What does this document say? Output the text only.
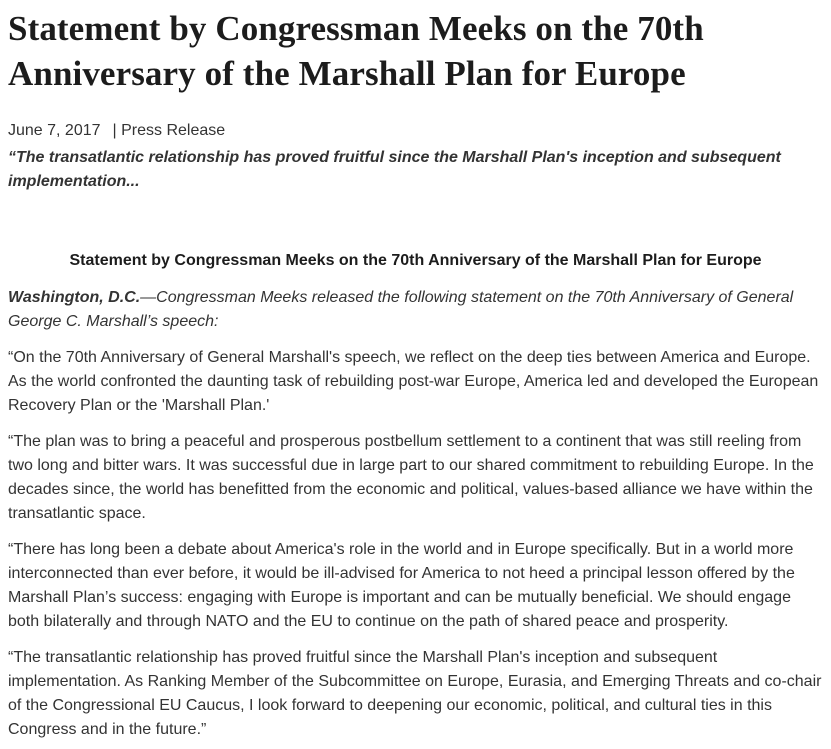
Statement by Congressman Meeks on the 70th Anniversary of the Marshall Plan for Europe
June 7, 2017 | Press Release
“The transatlantic relationship has proved fruitful since the Marshall Plan's inception and subsequent implementation...
Statement by Congressman Meeks on the 70th Anniversary of the Marshall Plan for Europe
Washington, D.C.—Congressman Meeks released the following statement on the 70th Anniversary of General George C. Marshall’s speech:

“On the 70th Anniversary of General Marshall's speech, we reflect on the deep ties between America and Europe. As the world confronted the daunting task of rebuilding post-war Europe, America led and developed the European Recovery Plan or the 'Marshall Plan.'

“The plan was to bring a peaceful and prosperous postbellum settlement to a continent that was still reeling from two long and bitter wars. It was successful due in large part to our shared commitment to rebuilding Europe. In the decades since, the world has benefitted from the economic and political, values-based alliance we have within the transatlantic space.

“There has long been a debate about America's role in the world and in Europe specifically. But in a world more interconnected than ever before, it would be ill-advised for America to not heed a principal lesson offered by the Marshall Plan’s success: engaging with Europe is important and can be mutually beneficial. We should engage both bilaterally and through NATO and the EU to continue on the path of shared peace and prosperity.

“The transatlantic relationship has proved fruitful since the Marshall Plan's inception and subsequent implementation. As Ranking Member of the Subcommittee on Europe, Eurasia, and Emerging Threats and co-chair of the Congressional EU Caucus, I look forward to deepening our economic, political, and cultural ties in this Congress and in the future.”
